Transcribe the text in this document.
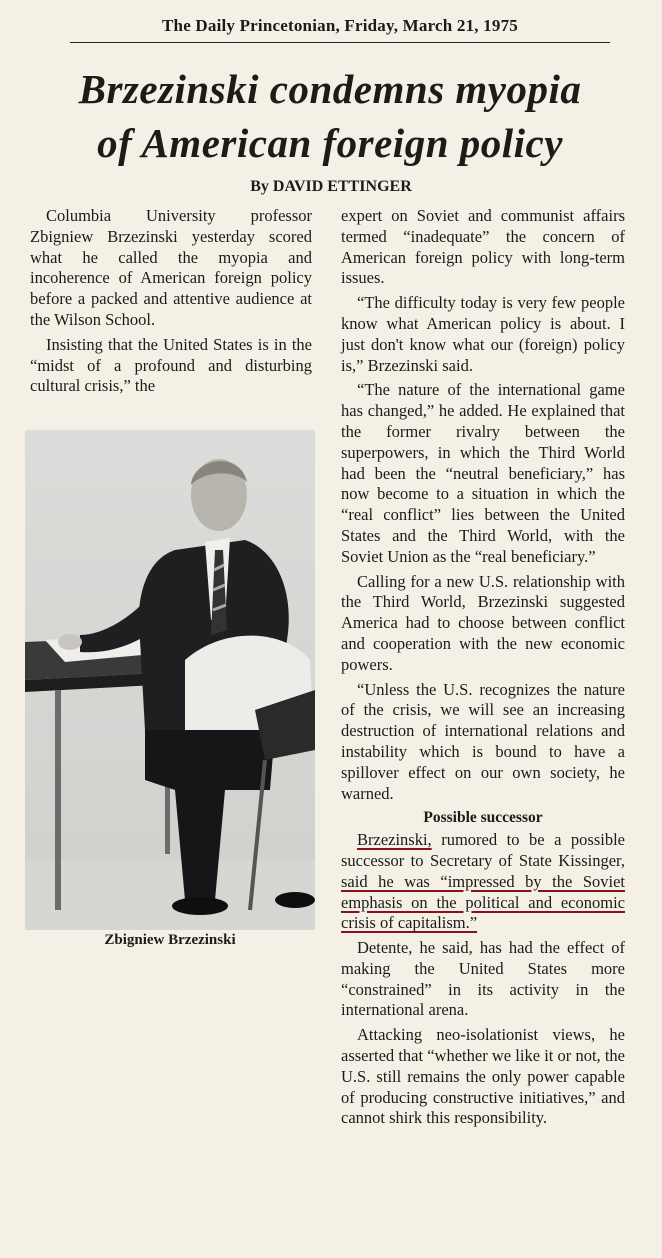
The Daily Princetonian, Friday, March 21, 1975
Brzezinski condemns myopia
of American foreign policy
By DAVID ETTINGER

Columbia University professor Zbigniew Brzezinski yesterday scored what he called the myopia and incoherence of American foreign policy before a packed and attentive audience at the Wilson School.

Insisting that the United States is in the “midst of a profound and disturbing cultural crisis,” the

Zbigniew Brzezinski

expert on Soviet and communist affairs termed “inadequate” the concern of American foreign policy with long-term issues.

“The difficulty today is very few people know what American policy is about. I just don't know what our (foreign) policy is,” Brzezinski said.

“The nature of the international game has changed,” he added. He explained that the former rivalry between the superpowers, in which the Third World had been the “neutral beneficiary,” has now become to a situation in which the “real conflict” lies between the United States and the Third World, with the Soviet Union as the “real beneficiary.”

Calling for a new U.S. relationship with the Third World, Brzezinski suggested America had to choose between conflict and cooperation with the new economic powers.

“Unless the U.S. recognizes the nature of the crisis, we will see an increasing destruction of international relations and instability which is bound to have a spillover effect on our own society, he warned.

Possible successor

Brzezinski, rumored to be a possible successor to Secretary of State Kissinger, said he was “impressed by the Soviet emphasis on the political and economic crisis of capitalism.”

Detente, he said, has had the effect of making the United States more “constrained” in its activity in the international arena.

Attacking neo-isolationist views, he asserted that “whether we like it or not, the U.S. still remains the only power capable of producing constructive initiatives,” and cannot shirk this responsibility.
